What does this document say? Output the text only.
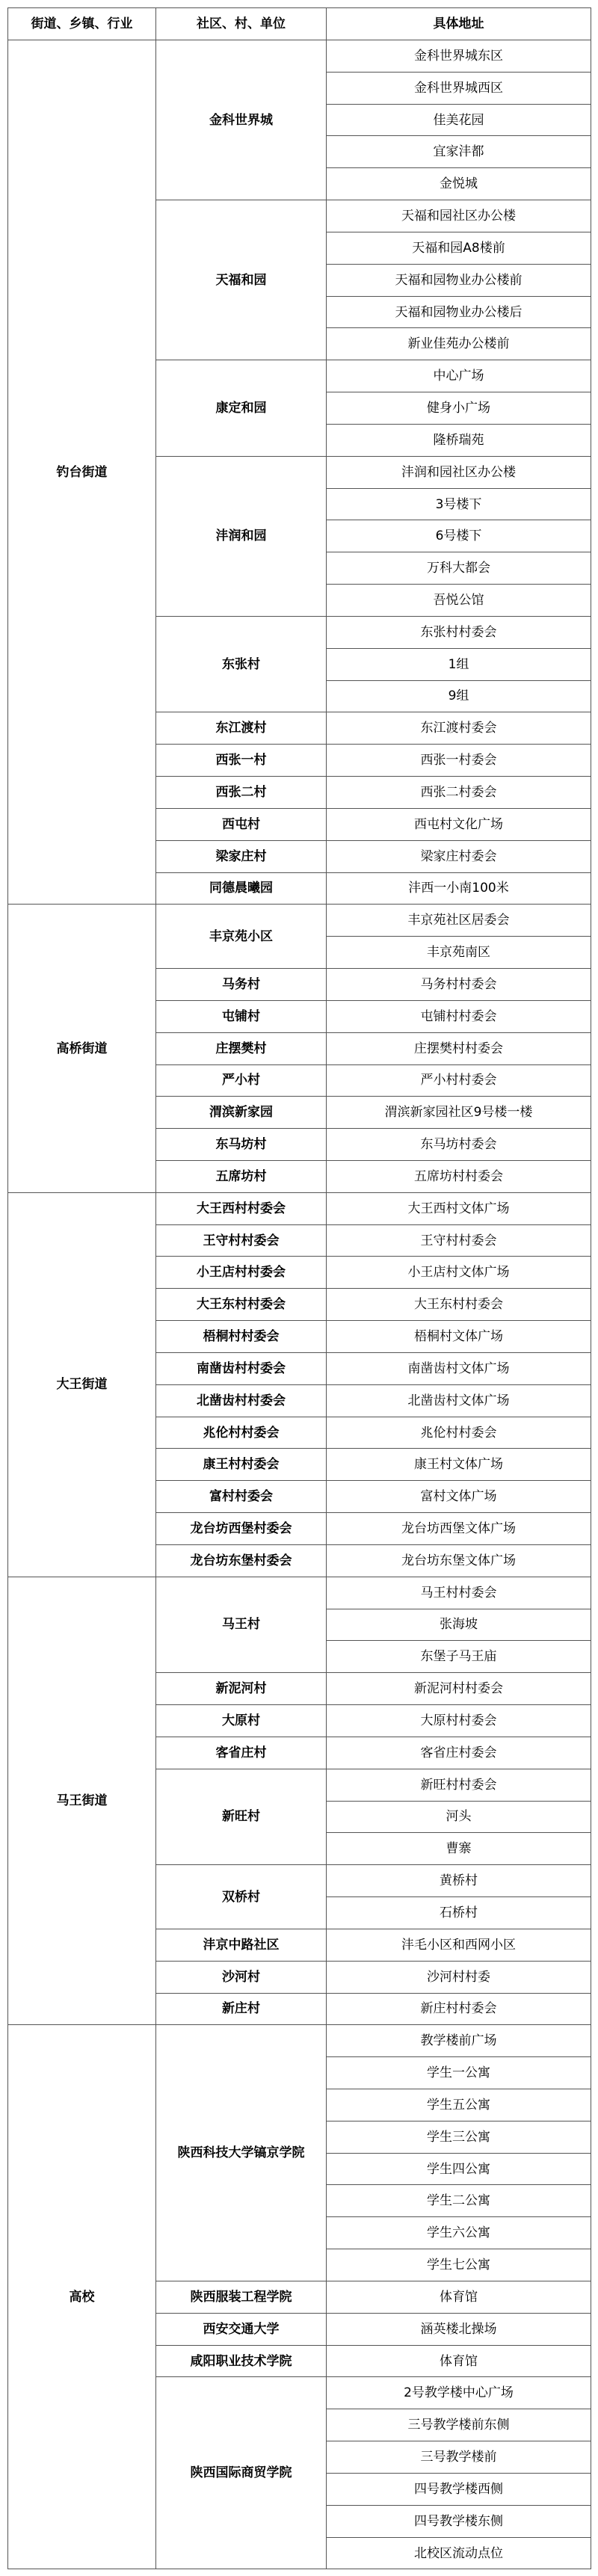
街道、乡镇、行业	社区、村、单位	具体地址
钓台街道	金科世界城	金科世界城东区
		金科世界城西区
		佳美花园
		宜家沣都
		金悦城
	天福和园	天福和园社区办公楼
		天福和园A8楼前
		天福和园物业办公楼前
		天福和园物业办公楼后
		新业佳苑办公楼前
	康定和园	中心广场
		健身小广场
		隆桥瑞苑
	沣润和园	沣润和园社区办公楼
		3号楼下
		6号楼下
		万科大都会
		吾悦公馆
	东张村	东张村村委会
		1组
		9组
	东江渡村	东江渡村委会
	西张一村	西张一村委会
	西张二村	西张二村委会
	西屯村	西屯村文化广场
	梁家庄村	梁家庄村委会
	同德晨曦园	沣西一小南100米
高桥街道	丰京苑小区	丰京苑社区居委会
		丰京苑南区
	马务村	马务村村委会
	屯铺村	屯铺村村委会
	庄摆樊村	庄摆樊村村委会
	严小村	严小村村委会
	渭滨新家园	渭滨新家园社区9号楼一楼
	东马坊村	东马坊村委会
	五席坊村	五席坊村村委会
大王街道	大王西村村委会	大王西村文体广场
	王守村村委会	王守村村委会
	小王店村村委会	小王店村文体广场
	大王东村村委会	大王东村村委会
	梧桐村村委会	梧桐村文体广场
	南凿齿村村委会	南凿齿村文体广场
	北凿齿村村委会	北凿齿村文体广场
	兆伦村村委会	兆伦村村委会
	康王村村委会	康王村文体广场
	富村村委会	富村文体广场
	龙台坊西堡村委会	龙台坊西堡文体广场
	龙台坊东堡村委会	龙台坊东堡文体广场
马王街道	马王村	马王村村委会
		张海坡
		东堡子马王庙
	新泥河村	新泥河村村委会
	大原村	大原村村委会
	客省庄村	客省庄村委会
	新旺村	新旺村村委会
		河头
		曹寨
	双桥村	黄桥村
		石桥村
	沣京中路社区	沣毛小区和西网小区
	沙河村	沙河村村委
	新庄村	新庄村村委会
高校	陕西科技大学镐京学院	教学楼前广场
		学生一公寓
		学生五公寓
		学生三公寓
		学生四公寓
		学生二公寓
		学生六公寓
		学生七公寓
	陕西服装工程学院	体育馆
	西安交通大学	涵英楼北操场
	咸阳职业技术学院	体育馆
	陕西国际商贸学院	2号教学楼中心广场
		三号教学楼前东侧
		三号教学楼前
		四号教学楼西侧
		四号教学楼东侧
		北校区流动点位
